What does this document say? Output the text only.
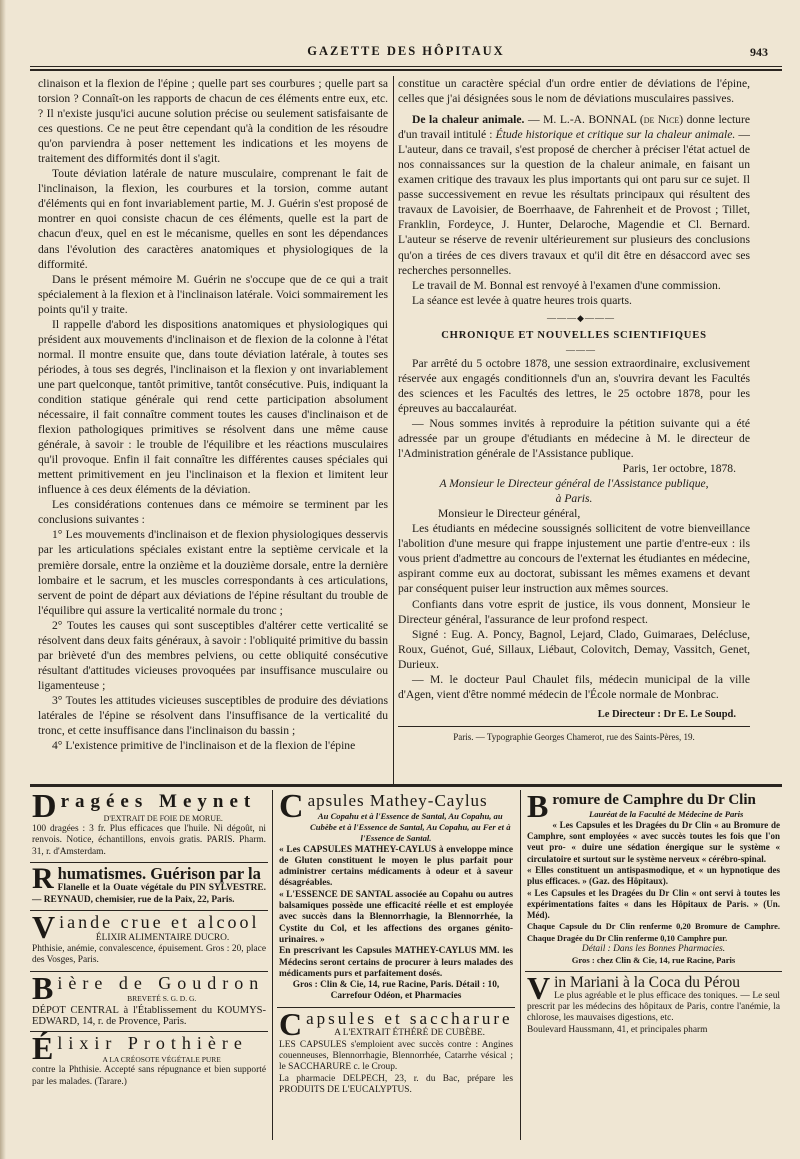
GAZETTE DES HÔPITAUX	943

clinaison et la flexion de l'épine ; quelle part ses courbures ; quelle part sa torsion ? Connaît-on les rapports de chacun de ces éléments entre eux, etc. ? Il n'existe jusqu'ici aucune solution précise ou seulement satisfaisante de ces questions. Ce ne peut être cependant qu'à la condition de les résoudre qu'on parviendra à poser nettement les indications et les moyens de traitement des difformités dont il s'agit.

Toute déviation latérale de nature musculaire, comprenant le fait de l'inclinaison, la flexion, les courbures et la torsion, comme autant d'éléments qui en font invariablement partie, M. J. Guérin s'est proposé de montrer en quoi consiste chacun de ces éléments, quelle est la part de chacun d'eux, quel en est le mécanisme, quelles en sont les dépendances dans l'évolution des caractères anatomiques et physiologiques de la difformité.

Dans le présent mémoire M. Guérin ne s'occupe que de ce qui a trait spécialement à la flexion et à l'inclinaison latérale. Voici sommairement les points qu'il y traite.

Il rappelle d'abord les dispositions anatomiques et physiologiques qui président aux mouvements d'inclinaison et de flexion de la colonne à l'état normal. Il montre ensuite que, dans toute déviation latérale, à toutes ses périodes, à tous ses degrés, l'inclinaison et la flexion y ont invariablement une part quelconque, tantôt primitive, tantôt consécutive. Puis, indiquant la condition statique générale qui rend cette participation absolument nécessaire, il fait connaître comment toutes les causes d'inclinaison et de flexion pathologiques primitives se résolvent dans une même cause générale, à savoir : le trouble de l'équilibre et les réactions musculaires qu'il provoque. Enfin il fait connaître les différentes causes spéciales qui mettent primitivement en jeu l'inclinaison et la flexion et limitent leur influence à ces deux éléments de la déviation.

Les considérations contenues dans ce mémoire se terminent par les conclusions suivantes :

1° Les mouvements d'inclinaison et de flexion physiologiques desservis par les articulations spéciales existant entre la septième cervicale et la première dorsale, entre la onzième et la douzième dorsale, entre la dernière lombaire et le sacrum, et les muscles correspondants à ces articulations, servent de point de départ aux déviations de l'épine résultant du trouble de l'équilibre qui assure la verticalité normale du tronc ;

2° Toutes les causes qui sont susceptibles d'altérer cette verticalité se résolvent dans deux faits généraux, à savoir : l'obliquité primitive du bassin par brièveté d'un des membres pelviens, ou cette obliquité consécutive résultant d'attitudes vicieuses provoquées par insuffisance musculaire ou ligamenteuse ;

3° Toutes les attitudes vicieuses susceptibles de produire des déviations latérales de l'épine se résolvent dans l'insuffisance de la verticalité du tronc, et cette insuffisance dans l'inclinaison du bassin ;

4° L'existence primitive de l'inclinaison et de la flexion de l'épine

constitue un caractère spécial d'un ordre entier de déviations de l'épine, celles que j'ai désignées sous le nom de déviations musculaires passives.

De la chaleur animale. — M. L.-A. BONNAL (de Nice) donne lecture d'un travail intitulé : Étude historique et critique sur la chaleur animale. — L'auteur, dans ce travail, s'est proposé de chercher à préciser l'état actuel de nos connaissances sur la question de la chaleur animale, en faisant un examen critique des travaux les plus importants qui ont paru sur ce sujet. Il passe successivement en revue les résultats principaux qui résultent des travaux de Lavoisier, de Boerrhaave, de Fahrenheit et de Provost ; Tillet, Franklin, Fordeyce, J. Hunter, Delaroche, Magendie et Cl. Bernard. L'auteur se réserve de revenir ultérieurement sur plusieurs des conclusions qu'on a tirées de ces divers travaux et qu'il dit être en désaccord avec ses recherches personnelles.

Le travail de M. Bonnal est renvoyé à l'examen d'une commission.

La séance est levée à quatre heures trois quarts.

———◆———

CHRONIQUE ET NOUVELLES SCIENTIFIQUES

———

Par arrêté du 5 octobre 1878, une session extraordinaire, exclusivement réservée aux engagés conditionnels d'un an, s'ouvrira devant les Facultés des sciences et les Facultés des lettres, le 25 octobre 1878, pour les épreuves au baccalauréat.

— Nous sommes invités à reproduire la pétition suivante qui a été adressée par un groupe d'étudiants en médecine à M. le directeur de l'Administration générale de l'Assistance publique.

Paris, 1er octobre, 1878.

A Monsieur le Directeur général de l'Assistance publique,

à Paris.

Monsieur le Directeur général,

Les étudiants en médecine soussignés sollicitent de votre bienveillance l'abolition d'une mesure qui frappe injustement une partie d'entre-eux : ils vous prient d'admettre au concours de l'externat les étudiantes en médecine, aspirant comme eux au doctorat, subissant les mêmes examens et devant par conséquent puiser leur instruction aux mêmes sources.

Confiants dans votre esprit de justice, ils vous donnent, Monsieur le Directeur général, l'assurance de leur profond respect.

Signé : Eug. A. Poncy, Bagnol, Lejard, Clado, Guimaraes, Delécluse, Roux, Guénot, Gué, Sillaux, Liébaut, Colovitch, Demay, Vassitch, Genet, Durieux.

— M. le docteur Paul Chaulet fils, médecin municipal de la ville d'Agen, vient d'être nommé médecin de l'École normale de Monbrac.

Le Directeur : Dr E. Le Soupd.
Paris. — Typographie Georges Chamerot, rue des Saints-Pères, 19.
Dragées Meynet
D'EXTRAIT DE FOIE DE MORUE.
100 dragées : 3 fr. Plus efficaces que l'huile. Ni dégoût, ni renvois. Notice, échantillons, envois gratis. PARIS. Pharm. 31, r. d'Amsterdam.
Rhumatismes. Guérison par la
Flanelle et la Ouate végétale du PIN SYLVESTRE. — REYNAUD, chemisier, rue de la Paix, 22, Paris.
Viande crue et alcool
ÉLIXIR ALIMENTAIRE DUCRO.
Phthisie, anémie, convalescence, épuisement. Gros : 20, place des Vosges, Paris.
Bière de Goudron
BREVETÉ S. G. D. G.
DÉPOT CENTRAL à l'Établissement du KOUMYS-EDWARD, 14, r. de Provence, Paris.
Élixir Prothière
A LA CRÉOSOTE VÉGÉTALE PURE
contre la Phthisie. Accepté sans répugnance et bien supporté par les malades. (Tarare.)
Capsules Mathey-Caylus
Au Copahu et à l'Essence de Santal, Au Copahu, au Cubèbe et à l'Essence de Santal, Au Copahu, au Fer et à l'Essence de Santal.
« Les CAPSULES MATHEY-CAYLUS à enveloppe mince de Gluten constituent le moyen le plus parfait pour administrer certains médicaments à odeur et à saveur désagréables.
« L'ESSENCE DE SANTAL associée au Copahu ou autres balsamiques possède une efficacité réelle et est employée avec succès dans la Blennorrhagie, la Blennorrhée, la Cystite du Col, et les affections des organes génito-urinaires. »
En prescrivant les Capsules MATHEY-CAYLUS MM. les Médecins seront certains de procurer à leurs malades des médicaments purs et parfaitement dosés.
Gros : Clin & Cie, 14, rue Racine, Paris. Détail : 10, Carrefour Odéon, et Pharmacies
Capsules et saccharure
A L'EXTRAIT ÉTHÉRÉ DE CUBÈBE.
LES CAPSULES s'emploient avec succès contre : Angines couenneuses, Blennorrhagie, Blennorrhée, Catarrhe vésical ; le SACCHARURE c. le Croup.
La pharmacie DELPECH, 23, r. du Bac, prépare les PRODUITS DE L'EUCALYPTUS.
Bromure de Camphre du Dr Clin
Lauréat de la Faculté de Médecine de Paris
« Les Capsules et les Dragées du Dr Clin « au Bromure de Camphre, sont employées « avec succès toutes les fois que l'on veut pro- « duire une sédation énergique sur le système « circulatoire et surtout sur le système nerveux « cérébro-spinal.
« Elles constituent un antispasmodique, et « un hypnotique des plus efficaces. » (Gaz. des Hôpitaux).
« Les Capsules et les Dragées du Dr Clin « ont servi à toutes les expérimentations faites « dans les Hôpitaux de Paris. » (Un. Méd).
Chaque Capsule du Dr Clin renferme 0,20 Bromure de Camphre. Chaque Dragée du Dr Clin renferme 0,10 Camphre pur.
Détail : Dans les Bonnes Pharmacies.
Gros : chez Clin & Cie, 14, rue Racine, Paris
Vin Mariani à la Coca du Pérou
Le plus agréable et le plus efficace des toniques. — Le seul prescrit par les médecins des hôpitaux de Paris, contre l'anémie, la chlorose, les mauvaises digestions, etc.
Boulevard Haussmann, 41, et principales pharm
